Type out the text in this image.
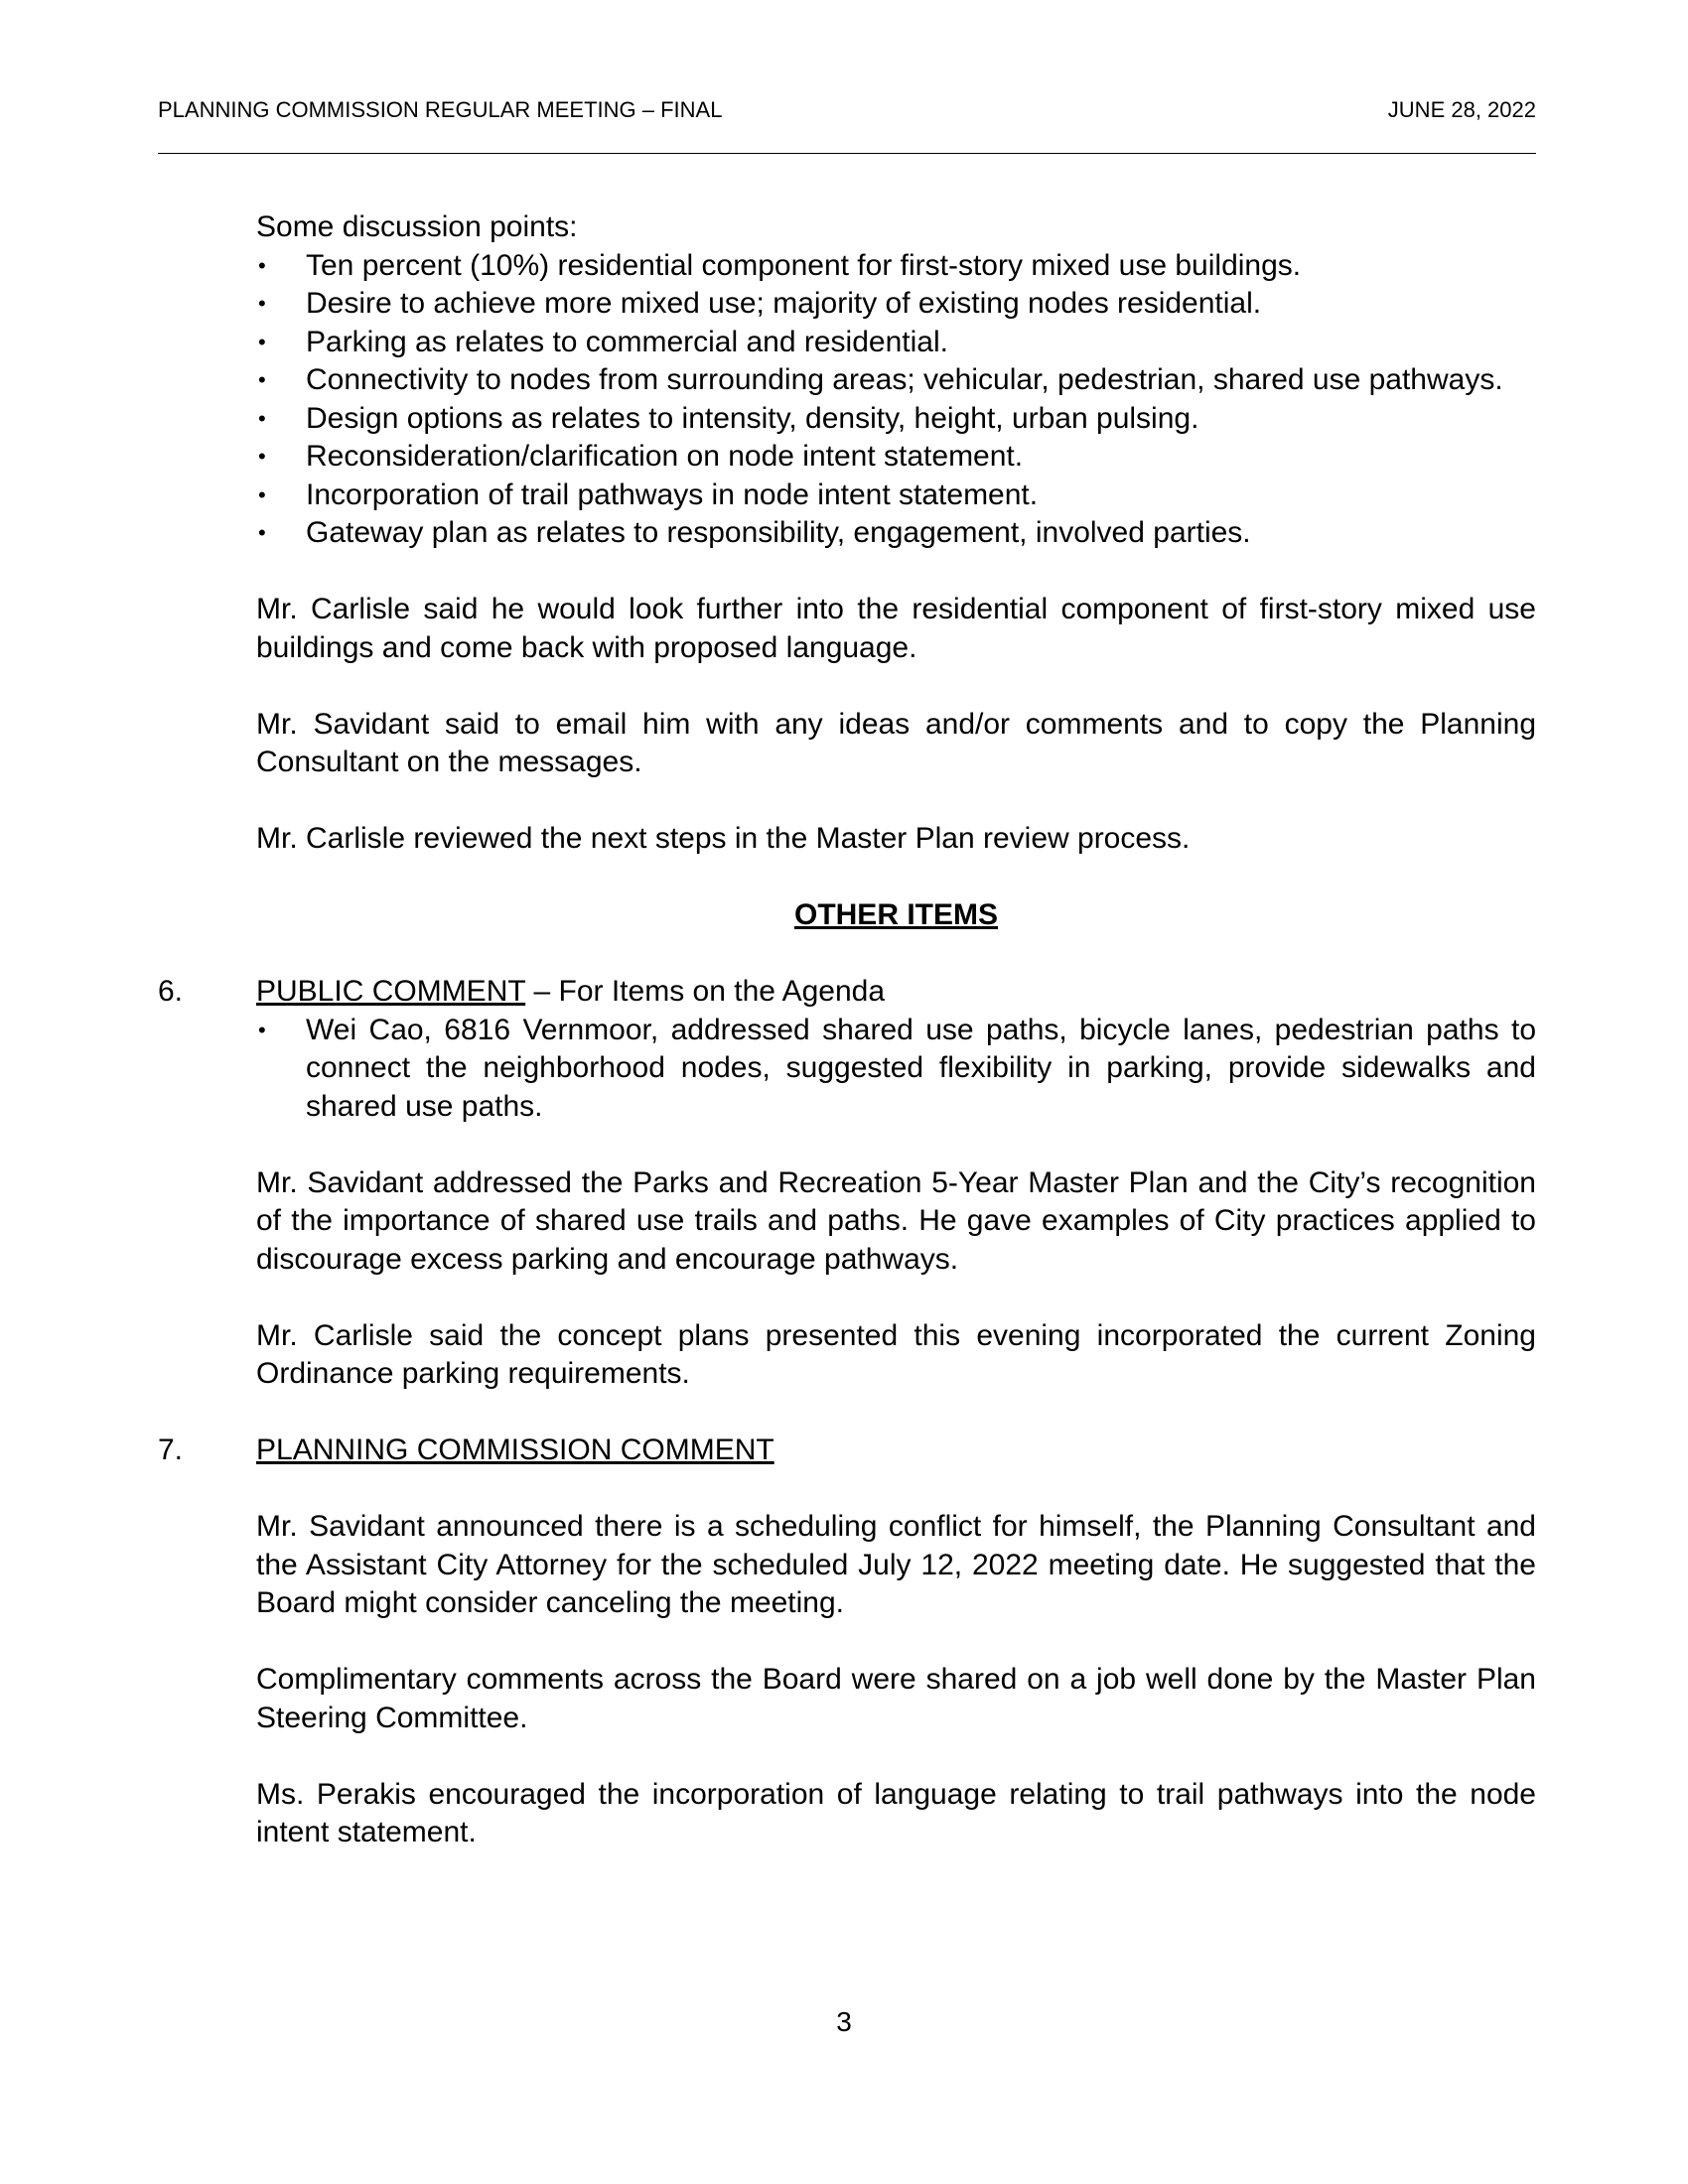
PLANNING COMMISSION REGULAR MEETING – FINAL	JUNE 28, 2022

Some discussion points:

• Ten percent (10%) residential component for first-story mixed use buildings.
• Desire to achieve more mixed use; majority of existing nodes residential.
• Parking as relates to commercial and residential.
• Connectivity to nodes from surrounding areas; vehicular, pedestrian, shared use pathways.
• Design options as relates to intensity, density, height, urban pulsing.
• Reconsideration/clarification on node intent statement.
• Incorporation of trail pathways in node intent statement.
• Gateway plan as relates to responsibility, engagement, involved parties.

Mr. Carlisle said he would look further into the residential component of first-story mixed use buildings and come back with proposed language.

Mr. Savidant said to email him with any ideas and/or comments and to copy the Planning Consultant on the messages.

Mr. Carlisle reviewed the next steps in the Master Plan review process.

OTHER ITEMS
6. PUBLIC COMMENT – For Items on the Agenda
• Wei Cao, 6816 Vernmoor, addressed shared use paths, bicycle lanes, pedestrian paths to connect the neighborhood nodes, suggested flexibility in parking, provide sidewalks and shared use paths.

Mr. Savidant addressed the Parks and Recreation 5-Year Master Plan and the City’s recognition of the importance of shared use trails and paths. He gave examples of City practices applied to discourage excess parking and encourage pathways.

Mr. Carlisle said the concept plans presented this evening incorporated the current Zoning Ordinance parking requirements.

7. PLANNING COMMISSION COMMENT

Mr. Savidant announced there is a scheduling conflict for himself, the Planning Consultant and the Assistant City Attorney for the scheduled July 12, 2022 meeting date. He suggested that the Board might consider canceling the meeting.

Complimentary comments across the Board were shared on a job well done by the Master Plan Steering Committee.

Ms. Perakis encouraged the incorporation of language relating to trail pathways into the node intent statement.

3
